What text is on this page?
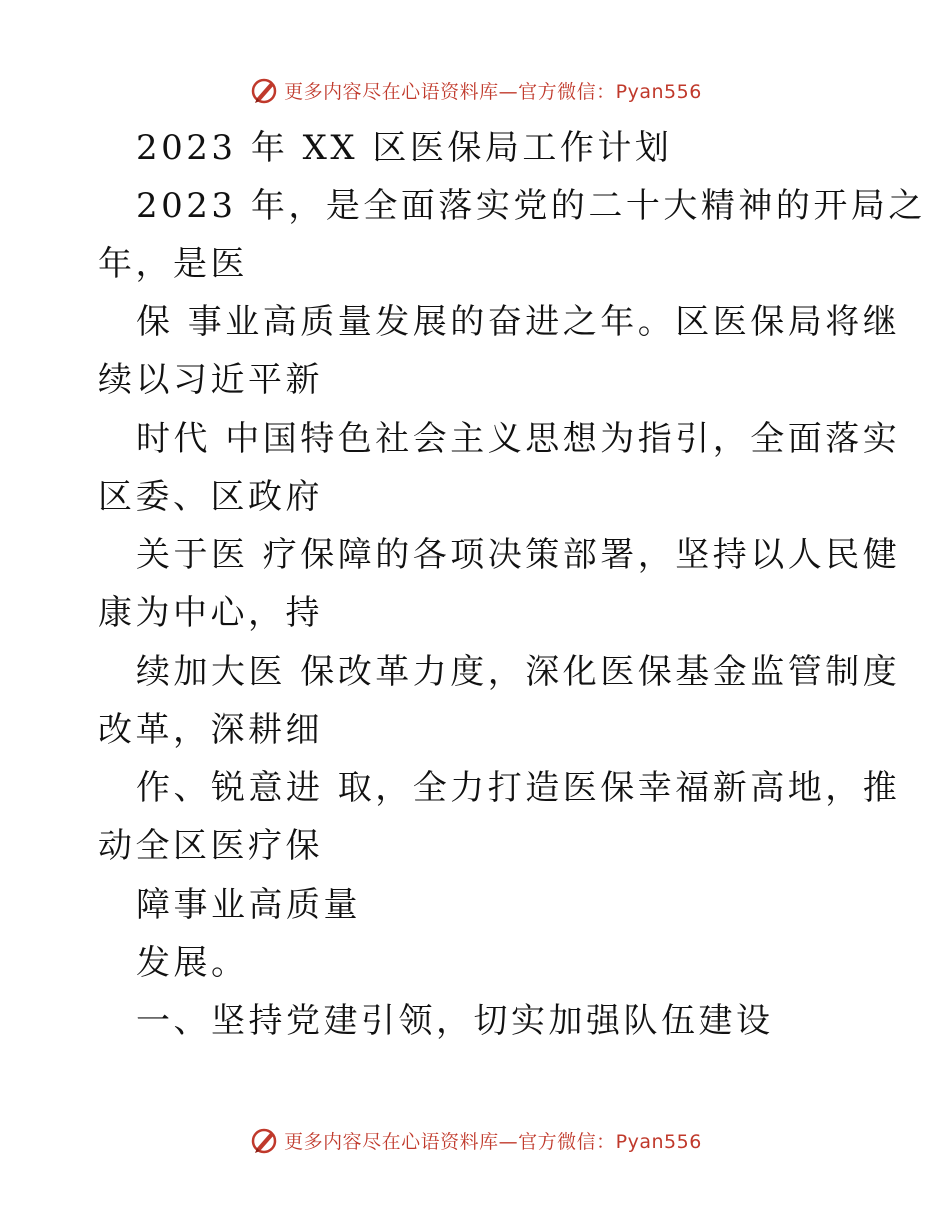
更多内容尽在心语资料库—官方微信：Pyan556
2023 年 XX 区医保局工作计划
2023 年，是全面落实党的二十大精神的开局之
年，是医
保 事业高质量发展的奋进之年。区医保局将继
续以习近平新
时代 中国特色社会主义思想为指引，全面落实
区委、区政府
关于医 疗保障的各项决策部署，坚持以人民健
康为中心，持
续加大医 保改革力度，深化医保基金监管制度
改革，深耕细
作、锐意进 取，全力打造医保幸福新高地，推
动全区医疗保
障事业高质量
发展。
一、坚持党建引领，切实加强队伍建设
更多内容尽在心语资料库—官方微信：Pyan556
